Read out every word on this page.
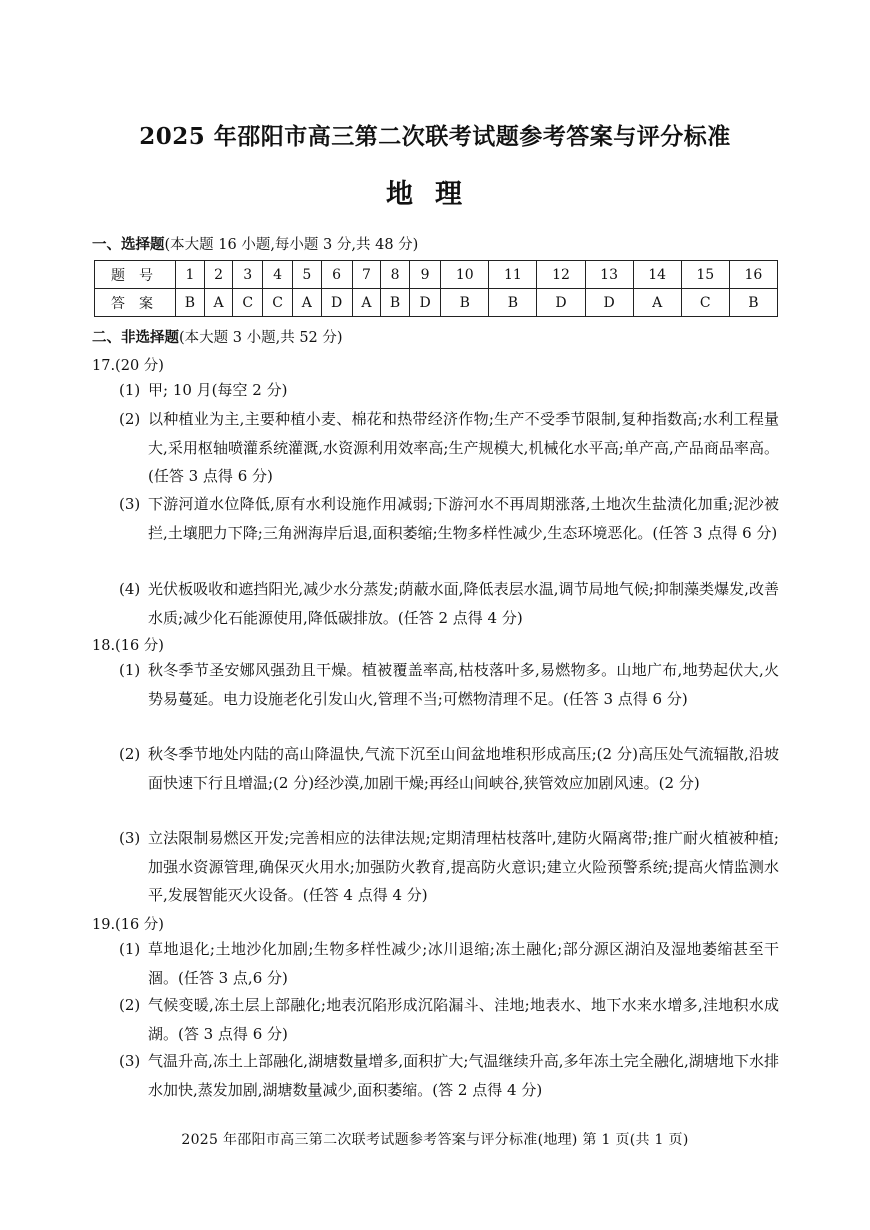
2025 年邵阳市高三第二次联考试题参考答案与评分标准
地理
一、选择题(本大题 16 小题,每小题 3 分,共 48 分)
题号	1	2	3	4	5	6	7	8	9	10	11	12	13	14	15	16
答案	B	A	C	C	A	D	A	B	D	B	B	D	D	A	C	B
二、非选择题(本大题 3 小题,共 52 分)
17.(20 分)
(1) 甲; 10 月(每空 2 分)
(2) 以种植业为主,主要种植小麦、棉花和热带经济作物;生产不受季节限制,复种指数高;水利工程量大,采用枢轴喷灌系统灌溉,水资源利用效率高;生产规模大,机械化水平高;单产高,产品商品率高。(任答 3 点得 6 分)
(3) 下游河道水位降低,原有水利设施作用减弱;下游河水不再周期涨落,土地次生盐渍化加重;泥沙被拦,土壤肥力下降;三角洲海岸后退,面积萎缩;生物多样性减少,生态环境恶化。(任答 3 点得 6 分)
(4) 光伏板吸收和遮挡阳光,减少水分蒸发;荫蔽水面,降低表层水温,调节局地气候;抑制藻类爆发,改善水质;减少化石能源使用,降低碳排放。(任答 2 点得 4 分)
18.(16 分)
(1) 秋冬季节圣安娜风强劲且干燥。植被覆盖率高,枯枝落叶多,易燃物多。山地广布,地势起伏大,火势易蔓延。电力设施老化引发山火,管理不当;可燃物清理不足。(任答 3 点得 6 分)
(2) 秋冬季节地处内陆的高山降温快,气流下沉至山间盆地堆积形成高压;(2 分)高压处气流辐散,沿坡面快速下行且增温;(2 分)经沙漠,加剧干燥;再经山间峡谷,狭管效应加剧风速。(2 分)
(3) 立法限制易燃区开发;完善相应的法律法规;定期清理枯枝落叶,建防火隔离带;推广耐火植被种植;加强水资源管理,确保灭火用水;加强防火教育,提高防火意识;建立火险预警系统;提高火情监测水平,发展智能灭火设备。(任答 4 点得 4 分)
19.(16 分)
(1) 草地退化;土地沙化加剧;生物多样性减少;冰川退缩;冻土融化;部分源区湖泊及湿地萎缩甚至干涸。(任答 3 点,6 分)
(2) 气候变暖,冻土层上部融化;地表沉陷形成沉陷漏斗、洼地;地表水、地下水来水增多,洼地积水成湖。(答 3 点得 6 分)
(3) 气温升高,冻土上部融化,湖塘数量增多,面积扩大;气温继续升高,多年冻土完全融化,湖塘地下水排水加快,蒸发加剧,湖塘数量减少,面积萎缩。(答 2 点得 4 分)
2025 年邵阳市高三第二次联考试题参考答案与评分标准(地理) 第 1 页(共 1 页)
